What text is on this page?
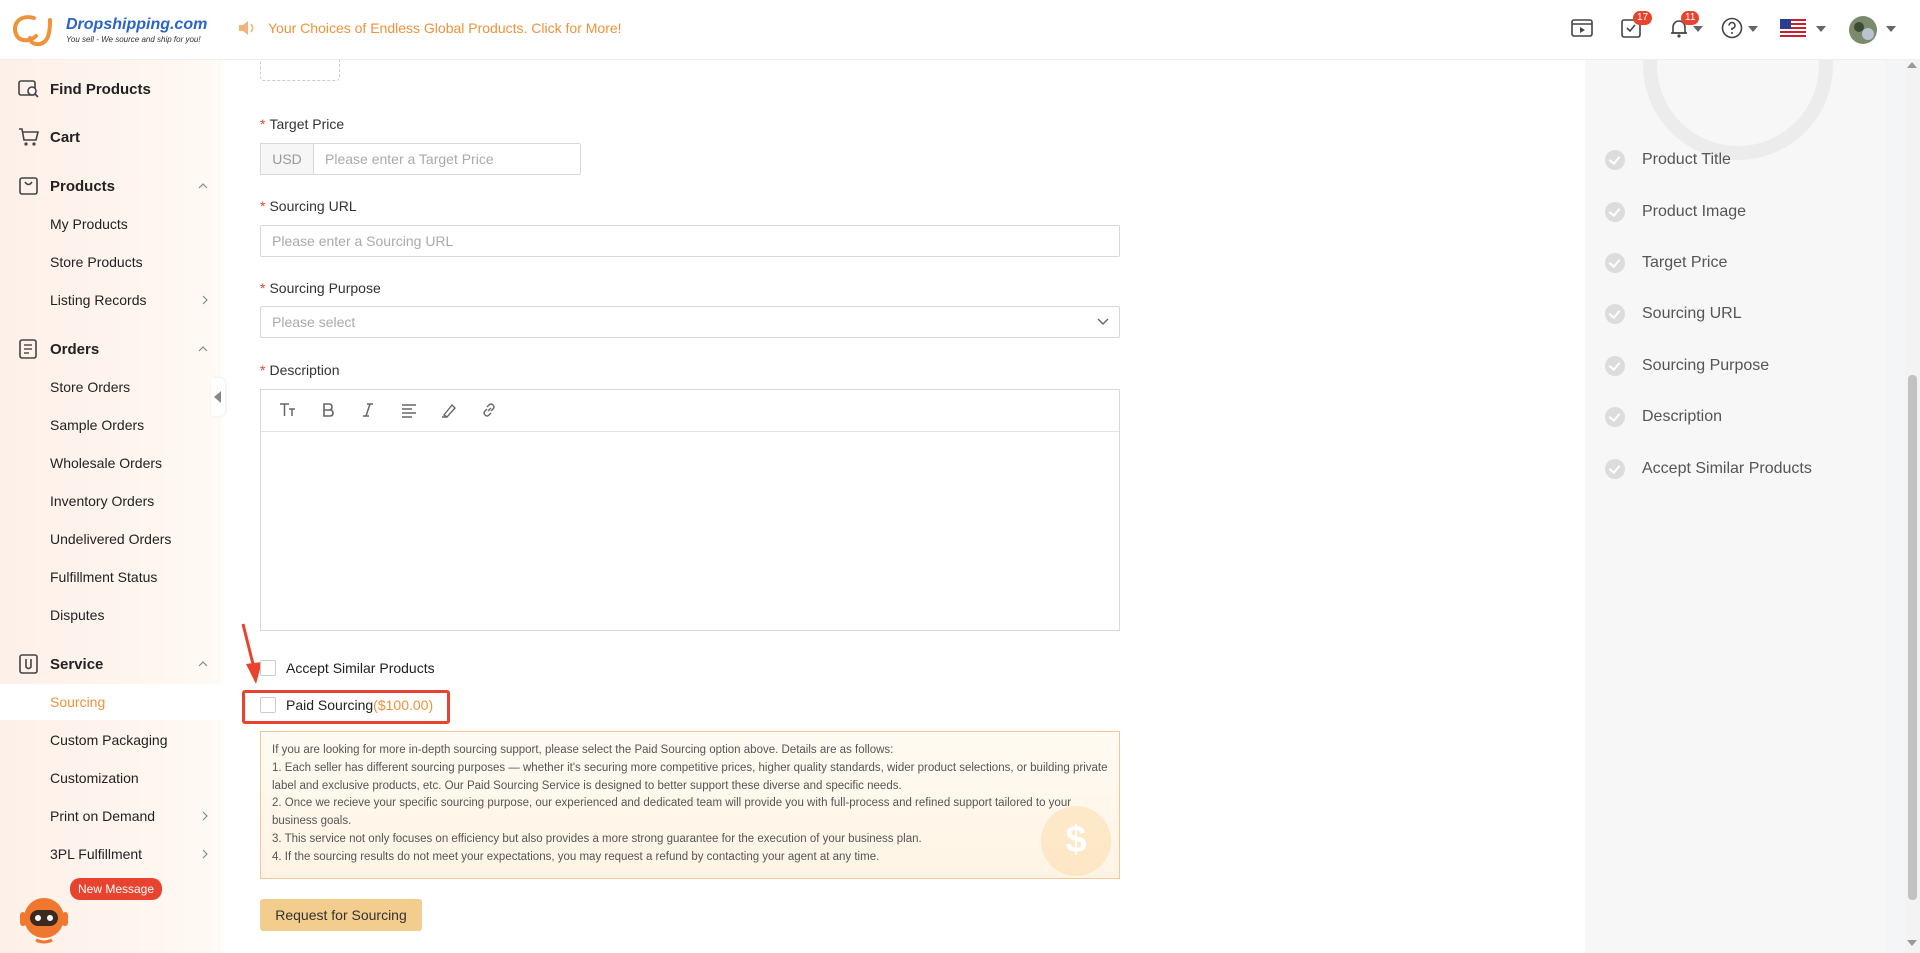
Dropshipping.com
You sell - We source and ship for you!
Your Choices of Endless Global Products. Click for More!
17	11
Find Products
Cart
Products
My Products
Store Products
Listing Records
Orders
Store Orders
Sample Orders
Wholesale Orders
Inventory Orders
Undelivered Orders
Fulfillment Status
Disputes
Service
Sourcing
Custom Packaging
Customization
Print on Demand
3PL Fulfillment
New Message
* Target Price
USD	Please enter a Target Price
* Sourcing URL
Please enter a Sourcing URL
* Sourcing Purpose
Please select
* Description
Accept Similar Products
Paid Sourcing ($100.00)

If you are looking for more in-depth sourcing support, please select the Paid Sourcing option above. Details are as follows:

1. Each seller has different sourcing purposes — whether it's securing more competitive prices, higher quality standards, wider product selections, or building private label and exclusive products, etc. Our Paid Sourcing Service is designed to better support these diverse and specific needs.

2. Once we recieve your specific sourcing purpose, our experienced and dedicated team will provide you with full-process and refined support tailored to your business goals.

3. This service not only focuses on efficiency but also provides a more strong guarantee for the execution of your business plan.

4. If the sourcing results do not meet your expectations, you may request a refund by contacting your agent at any time.	$
Request for Sourcing
Product Title
Product Image
Target Price
Sourcing URL
Sourcing Purpose
Description
Accept Similar Products
